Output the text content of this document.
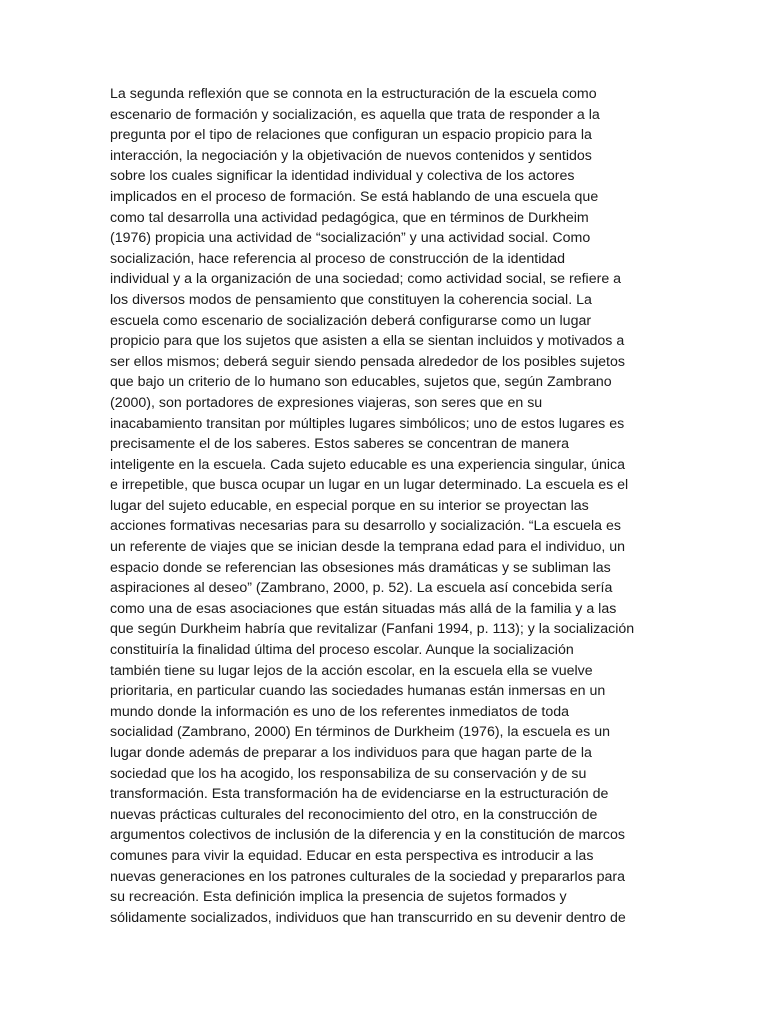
La segunda reflexión que se connota en la estructuración de la escuela como
escenario de formación y socialización, es aquella que trata de responder a la
pregunta por el tipo de relaciones que configuran un espacio propicio para la
interacción, la negociación y la objetivación de nuevos contenidos y sentidos
sobre los cuales significar la identidad individual y colectiva de los actores
implicados en el proceso de formación. Se está hablando de una escuela que
como tal desarrolla una actividad pedagógica, que en términos de Durkheim
(1976) propicia una actividad de “socialización” y una actividad social. Como
socialización, hace referencia al proceso de construcción de la identidad
individual y a la organización de una sociedad; como actividad social, se refiere a
los diversos modos de pensamiento que constituyen la coherencia social. La
escuela como escenario de socialización deberá configurarse como un lugar
propicio para que los sujetos que asisten a ella se sientan incluidos y motivados a
ser ellos mismos; deberá seguir siendo pensada alrededor de los posibles sujetos
que bajo un criterio de lo humano son educables, sujetos que, según Zambrano
(2000), son portadores de expresiones viajeras, son seres que en su
inacabamiento transitan por múltiples lugares simbólicos; uno de estos lugares es
precisamente el de los saberes. Estos saberes se concentran de manera
inteligente en la escuela. Cada sujeto educable es una experiencia singular, única
e irrepetible, que busca ocupar un lugar en un lugar determinado. La escuela es el
lugar del sujeto educable, en especial porque en su interior se proyectan las
acciones formativas necesarias para su desarrollo y socialización. “La escuela es
un referente de viajes que se inician desde la temprana edad para el individuo, un
espacio donde se referencian las obsesiones más dramáticas y se subliman las
aspiraciones al deseo” (Zambrano, 2000, p. 52). La escuela así concebida sería
como una de esas asociaciones que están situadas más allá de la familia y a las
que según Durkheim habría que revitalizar (Fanfani 1994, p. 113); y la socialización
constituiría la finalidad última del proceso escolar. Aunque la socialización
también tiene su lugar lejos de la acción escolar, en la escuela ella se vuelve
prioritaria, en particular cuando las sociedades humanas están inmersas en un
mundo donde la información es uno de los referentes inmediatos de toda
socialidad (Zambrano, 2000) En términos de Durkheim (1976), la escuela es un
lugar donde además de preparar a los individuos para que hagan parte de la
sociedad que los ha acogido, los responsabiliza de su conservación y de su
transformación. Esta transformación ha de evidenciarse en la estructuración de
nuevas prácticas culturales del reconocimiento del otro, en la construcción de
argumentos colectivos de inclusión de la diferencia y en la constitución de marcos
comunes para vivir la equidad. Educar en esta perspectiva es introducir a las
nuevas generaciones en los patrones culturales de la sociedad y prepararlos para
su recreación. Esta definición implica la presencia de sujetos formados y
sólidamente socializados, individuos que han transcurrido en su devenir dentro de
